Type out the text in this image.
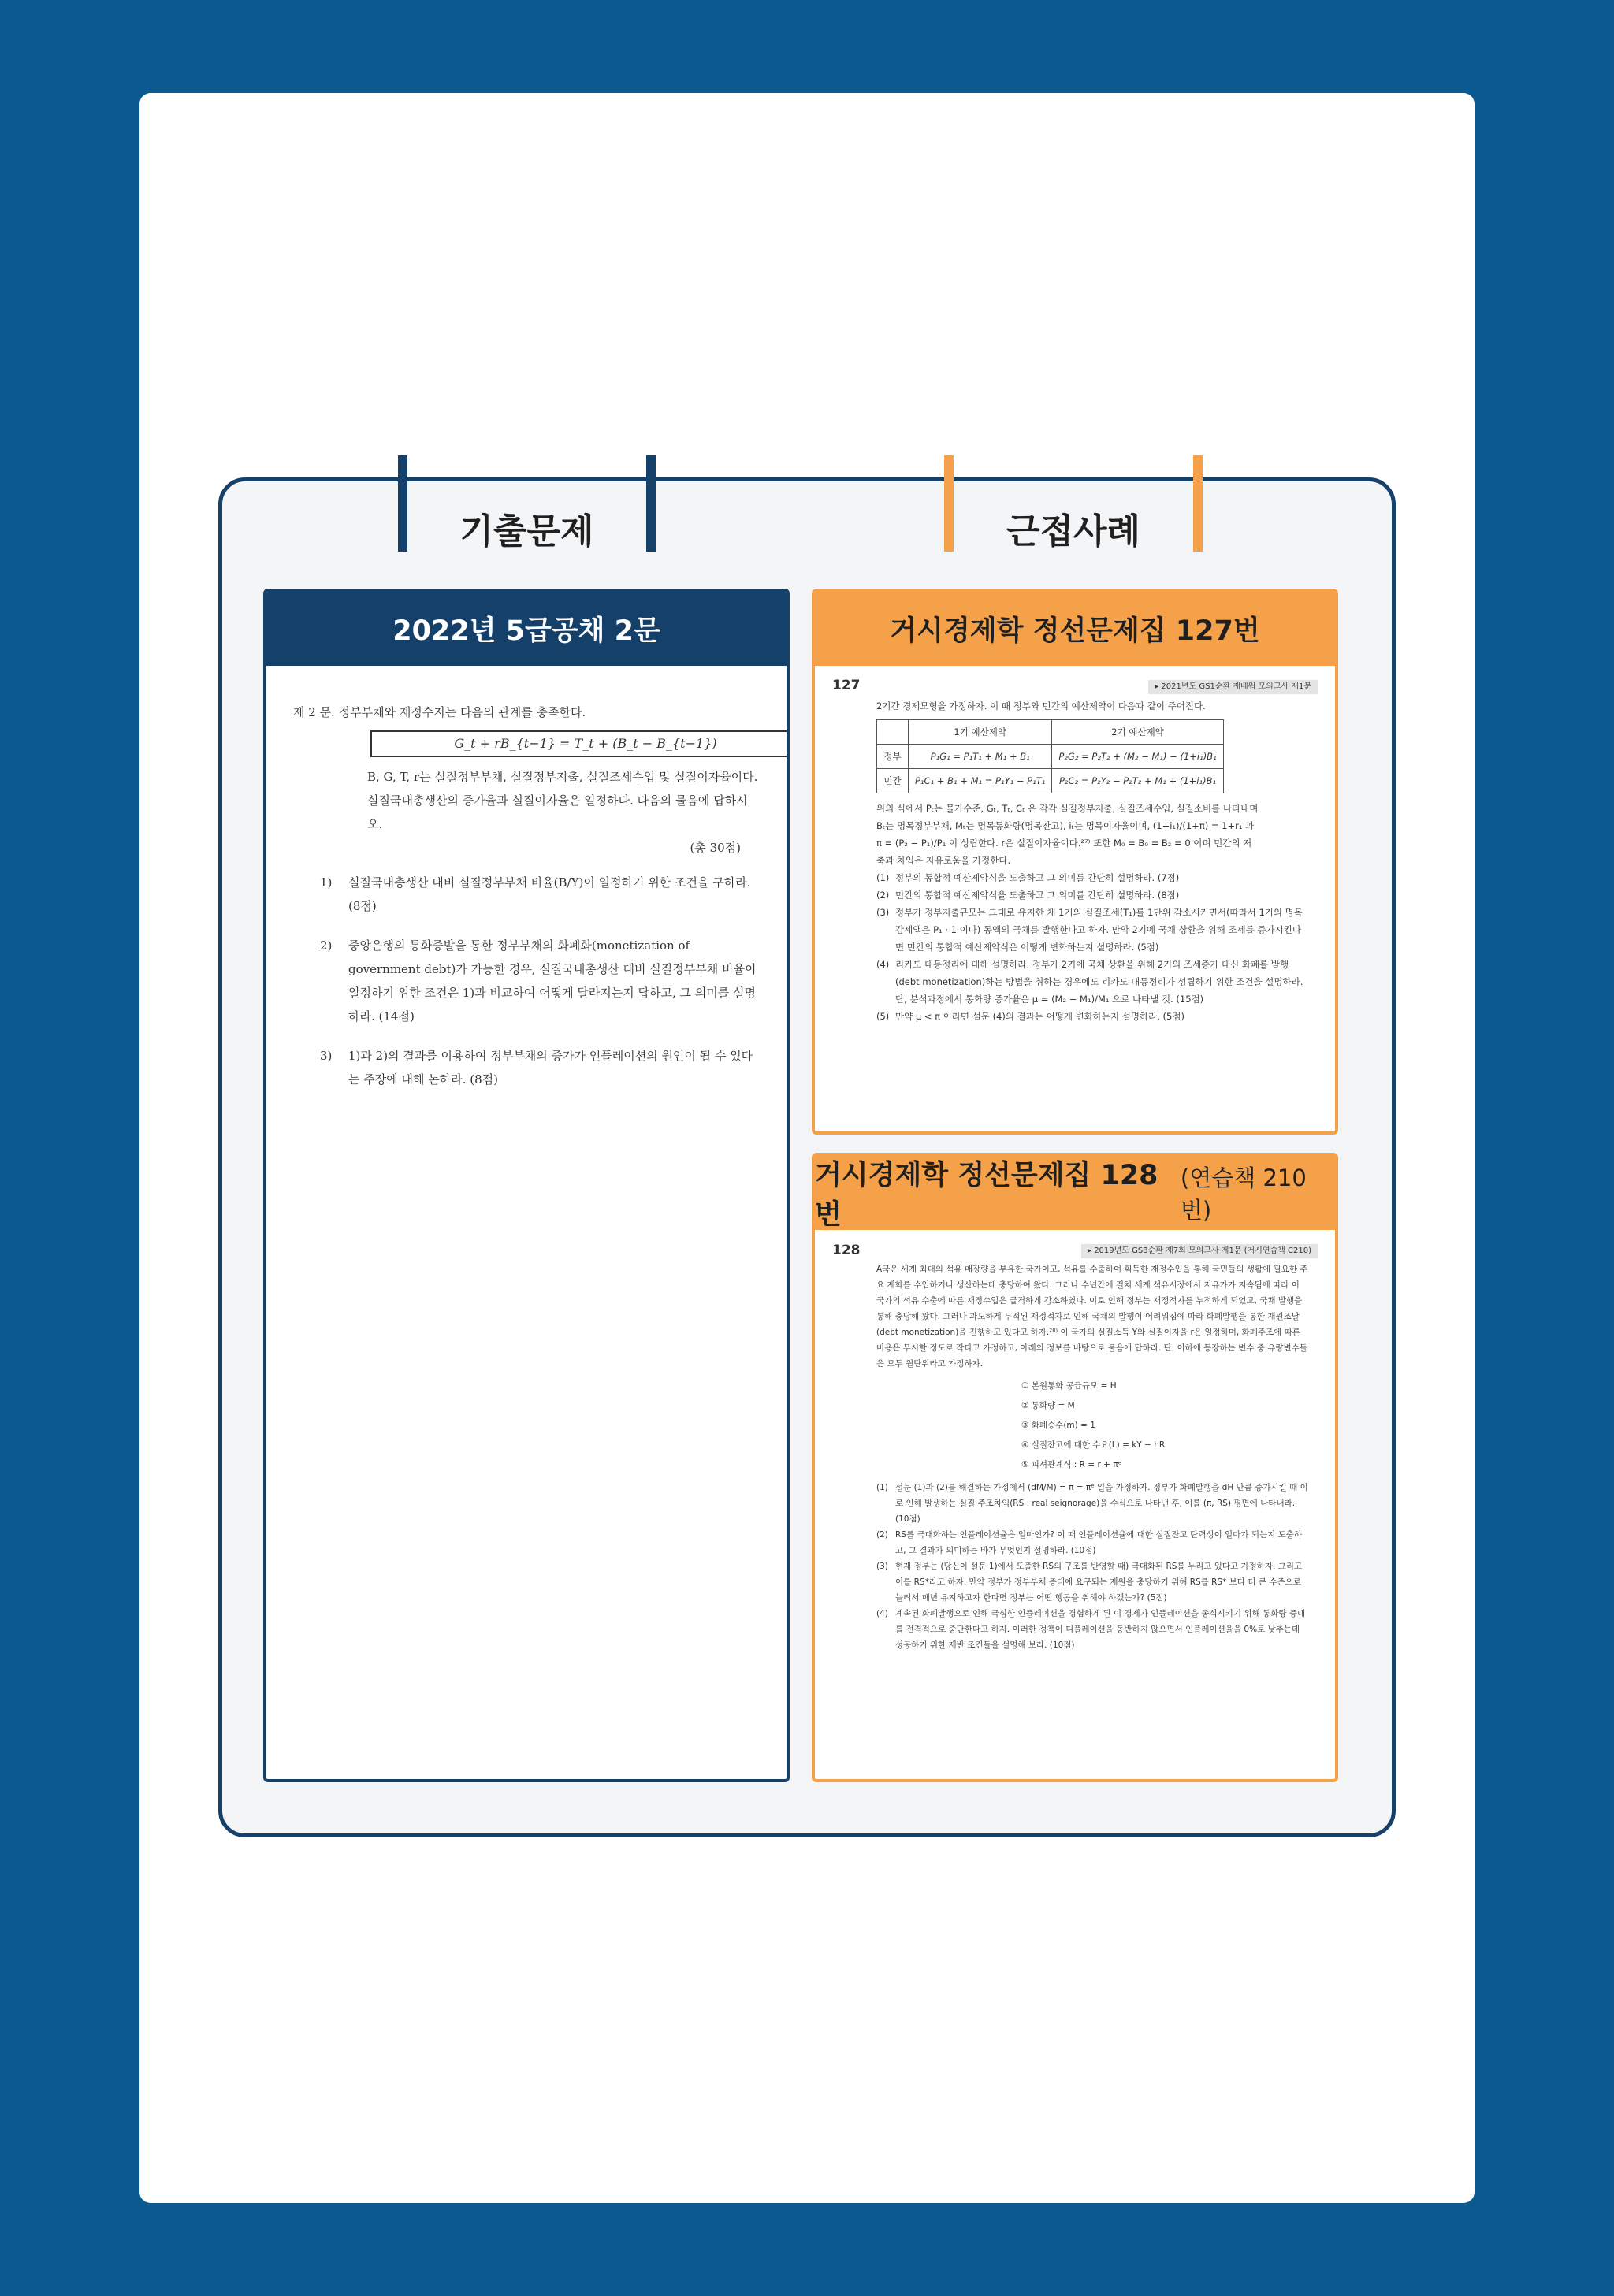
기출문제	근접사례
2022년 5급공채 2문
제 2 문. 정부부채와 재정수지는 다음의 관계를 충족한다.
G_t + rB_{t−1} = T_t + (B_t − B_{t−1})
B, G, T, r는 실질정부부채, 실질정부지출, 실질조세수입 및 실질이자율이다.
실질국내총생산의 증가율과 실질이자율은 일정하다. 다음의 물음에 답하시오.
(총 30점)
1)	실질국내총생산 대비 실질정부부채 비율(B/Y)이 일정하기 위한 조건을 구하라. (8점)
2)	중앙은행의 통화증발을 통한 정부부채의 화폐화(monetization of government debt)가 가능한 경우, 실질국내총생산 대비 실질정부부채 비율이 일정하기 위한 조건은 1)과 비교하여 어떻게 달라지는지 답하고, 그 의미를 설명하라. (14점)
3)	1)과 2)의 결과를 이용하여 정부부채의 증가가 인플레이션의 원인이 될 수 있다는 주장에 대해 논하라. (8점)
거시경제학 정선문제집 127번
127	▸ 2021년도 GS1순환 재배워 모의고사 제1문
2기간 경제모형을 가정하자. 이 때 정부와 민간의 예산제약이 다음과 같이 주어진다.
	1기 예산제약	2기 예산제약
정부	P₁G₁ = P₁T₁ + M₁ + B₁	P₂G₂ = P₂T₂ + (M₂ − M₁) − (1+i₁)B₁
민간	P₁C₁ + B₁ + M₁ = P₁Y₁ − P₁T₁	P₂C₂ = P₂Y₂ − P₂T₂ + M₁ + (1+i₁)B₁
위의 식에서 Pₜ는 물가수준, Gₜ, Tₜ, Cₜ 은 각각 실질정부지출, 실질조세수입, 실질소비를 나타내며
Bₜ는 명목정부부채, Mₜ는 명목통화량(명목잔고), iₜ는 명목이자율이며, (1+i₁)/(1+π) = 1+r₁ 과
π = (P₂ − P₁)/P₁ 이 성립한다. r은 실질이자율이다.²⁷⁾ 또한 M₀ = B₀ = B₂ = 0 이며 민간의 저
축과 차입은 자유로움을 가정한다.
(1) 정부의 통합적 예산제약식을 도출하고 그 의미를 간단히 설명하라. (7점)
(2) 민간의 통합적 예산제약식을 도출하고 그 의미를 간단히 설명하라. (8점)
(3) 정부가 정부지출규모는 그대로 유지한 채 1기의 실질조세(T₁)를 1단위 감소시키면서(따라서 1기의 명목 감세액은 P₁ · 1 이다) 동액의 국채를 발행한다고 하자. 만약 2기에 국채 상환을 위해 조세를 증가시킨다면 민간의 통합적 예산제약식은 어떻게 변화하는지 설명하라. (5점)
(4) 리카도 대등정리에 대해 설명하라. 정부가 2기에 국채 상환을 위해 2기의 조세증가 대신 화폐를 발행(debt monetization)하는 방법을 취하는 경우에도 리카도 대등정리가 성립하기 위한 조건을 설명하라. 단, 분석과정에서 통화량 증가율은 μ = (M₂ − M₁)/M₁ 으로 나타낼 것. (15점)
(5) 만약 μ < π 이라면 설문 (4)의 결과는 어떻게 변화하는지 설명하라. (5점)
거시경제학 정선문제집 128번
(연습책 210번)
128	▸ 2019년도 GS3순환 제7회 모의고사 제1문 (거시연습책 C210)
A국은 세계 최대의 석유 매장량을 부유한 국가이고, 석유를 수출하여 획득한 재정수입을 통해 국민들의 생활에 필요한 주요 재화를 수입하거나 생산하는데 충당하여 왔다. 그러나 수년간에 걸쳐 세계 석유시장에서 지유가가 지속됨에 따라 이 국가의 석유 수출에 따른 재정수입은 급격하게 감소하였다. 이로 인해 정부는 재정적자를 누적하게 되었고, 국채 발행을 통해 충당해 왔다. 그러나 과도하게 누적된 재정적자로 인해 국채의 발행이 어려워짐에 따라 화폐발행을 통한 재원조달(debt monetization)을 진행하고 있다고 하자.²⁸⁾ 이 국가의 실질소득 Y와 실질이자율 r은 일정하며, 화폐주조에 따른 비용은 무시할 정도로 작다고 가정하고, 아래의 정보를 바탕으로 물음에 답하라. 단, 이하에 등장하는 변수 중 유량변수들은 모두 월단위라고 가정하자.
① 본원통화 공급규모 = H
② 통화량 = M
③ 화폐승수(m) = 1
④ 실질잔고에 대한 수요(L) = kY − hR
⑤ 피셔관계식 : R = r + πᵉ
(1) 설문 (1)과 (2)를 해결하는 가정에서 (dM/M) = π = πᵉ 일을 가정하자. 정부가 화폐발행을 dH 만큼 증가시킬 때 이로 인해 발생하는 실질 주조차익(RS : real seignorage)을 수식으로 나타낸 후, 이를 (π, RS) 평면에 나타내라. (10점)
(2) RS를 극대화하는 인플레이션율은 얼마인가? 이 때 인플레이션율에 대한 실질잔고 탄력성이 얼마가 되는지 도출하고, 그 결과가 의미하는 바가 무엇인지 설명하라. (10점)
(3) 현재 정부는 (당신이 설문 1)에서 도출한 RS의 구조를 반영할 때) 극대화된 RS를 누리고 있다고 가정하자. 그리고 이를 RS*라고 하자. 만약 정부가 정부부채 증대에 요구되는 재원을 충당하기 위해 RS를 RS* 보다 더 큰 수준으로 늘려서 매년 유지하고자 한다면 정부는 어떤 행동을 취해야 하겠는가? (5점)
(4) 계속된 화폐발행으로 인해 극심한 인플레이션을 경험하게 된 이 경제가 인플레이션을 종식시키기 위해 통화량 증대를 전격적으로 중단한다고 하자. 이러한 정책이 디플레이션을 동반하지 않으면서 인플레이션율을 0%로 낮추는데 성공하기 위한 제반 조건들을 설명해 보라. (10점)
